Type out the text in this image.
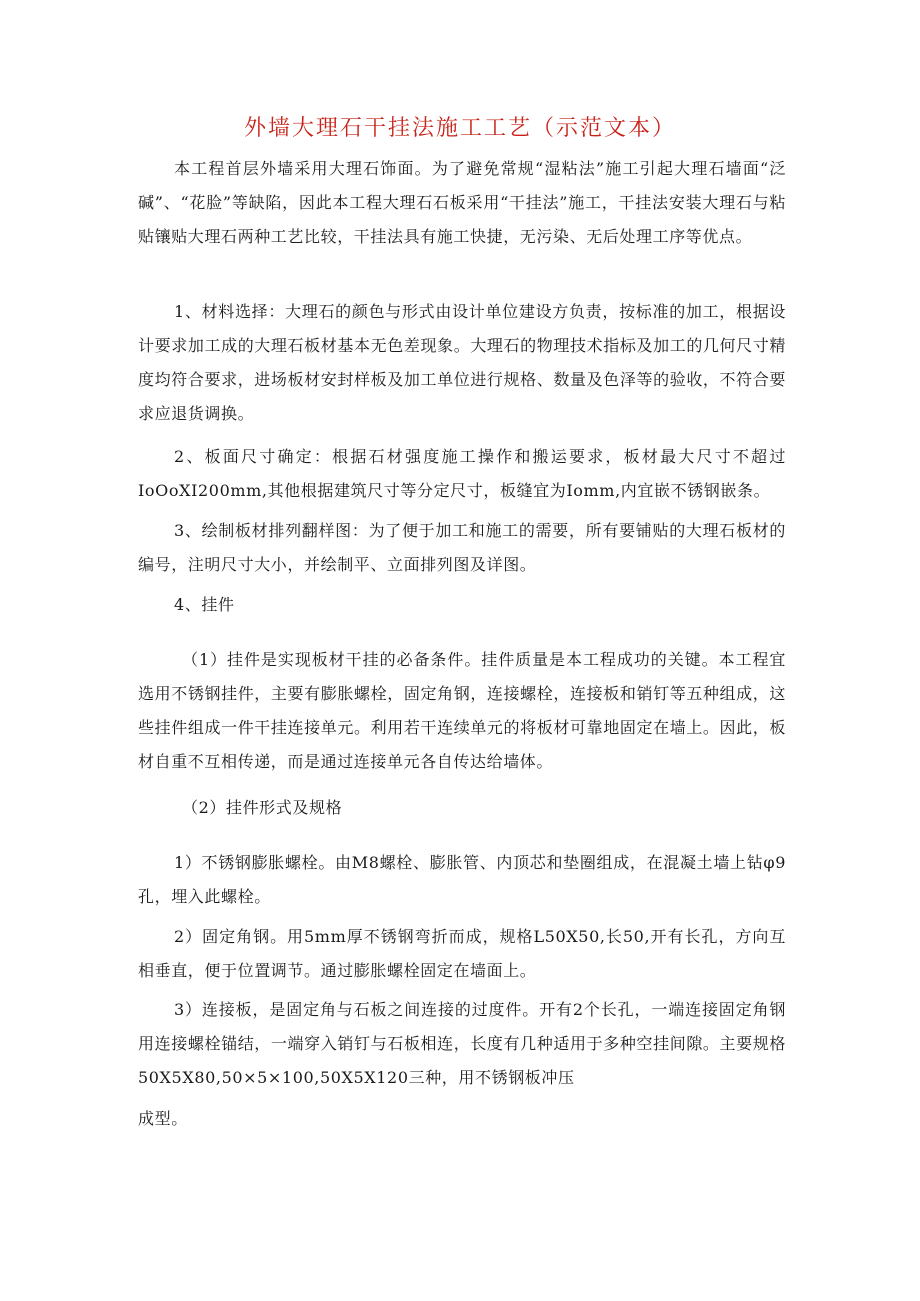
外墙大理石干挂法施工工艺（示范文本）

本工程首层外墙采用大理石饰面。为了避免常规“湿粘法”施工引起大理石墙面“泛碱”、“花脸”等缺陷，因此本工程大理石石板采用“干挂法”施工，干挂法安装大理石与粘贴镶贴大理石两种工艺比较，干挂法具有施工快捷，无污染、无后处理工序等优点。

1、材料选择：大理石的颜色与形式由设计单位建设方负责，按标准的加工，根据设计要求加工成的大理石板材基本无色差现象。大理石的物理技术指标及加工的几何尺寸精度均符合要求，进场板材安封样板及加工单位进行规格、数量及色泽等的验收，不符合要求应退货调换。

2、板面尺寸确定：根据石材强度施工操作和搬运要求，板材最大尺寸不超过IoOoXI200mm,其他根据建筑尺寸等分定尺寸，板缝宜为Iomm,内宜嵌不锈钢嵌条。

3、绘制板材排列翻样图：为了便于加工和施工的需要，所有要铺贴的大理石板材的编号，注明尺寸大小，并绘制平、立面排列图及详图。

4、挂件

（1）挂件是实现板材干挂的必备条件。挂件质量是本工程成功的关键。本工程宜选用不锈钢挂件，主要有膨胀螺栓，固定角钢，连接螺栓，连接板和销钉等五种组成，这些挂件组成一件干挂连接单元。利用若干连续单元的将板材可靠地固定在墙上。因此，板材自重不互相传递，而是通过连接单元各自传达给墙体。

（2）挂件形式及规格

1）不锈钢膨胀螺栓。由M8螺栓、膨胀管、内顶芯和垫圈组成，在混凝土墙上钻φ9孔，埋入此螺栓。

2）固定角钢。用5mm厚不锈钢弯折而成，规格L50X50,长50,开有长孔，方向互相垂直，便于位置调节。通过膨胀螺栓固定在墙面上。

3）连接板，是固定角与石板之间连接的过度件。开有2个长孔，一端连接固定角钢用连接螺栓锚结，一端穿入销钉与石板相连，长度有几种适用于多种空挂间隙。主要规格50X5X80,50×5×100,50X5X120三种，用不锈钢板冲压

成型。
